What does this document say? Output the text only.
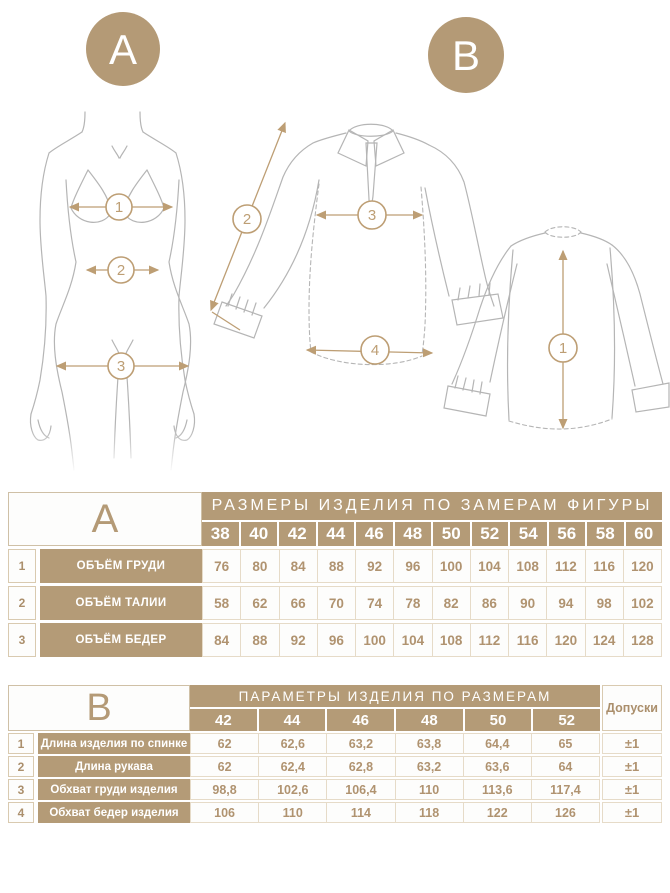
A	B
1
2
3
2	3
4	1
A	РАЗМЕРЫ ИЗДЕЛИЯ ПО ЗАМЕРАМ ФИГУРЫ
38	40	42	44	46	48	50	52	54	56	58	60
1	ОБЪЁМ ГРУДИ	76	80	84	88	92	96	100	104	108	112	116	120
2	ОБЪЁМ ТАЛИИ	58	62	66	70	74	78	82	86	90	94	98	102
3	ОБЪЁМ БЕДЕР	84	88	92	96	100	104	108	112	116	120	124	128
B	ПАРАМЕТРЫ ИЗДЕЛИЯ ПО РАЗМЕРАМ
42	44	46	48	50	52
Допуски
1	Длина изделия по спинке	62	62,6	63,2	63,8	64,4	65	±1
2	Длина рукава	62	62,4	62,8	63,2	63,6	64	±1
3	Обхват груди изделия	98,8	102,6	106,4	110	113,6	117,4	±1
4	Обхват бедер изделия	106	110	114	118	122	126	±1
